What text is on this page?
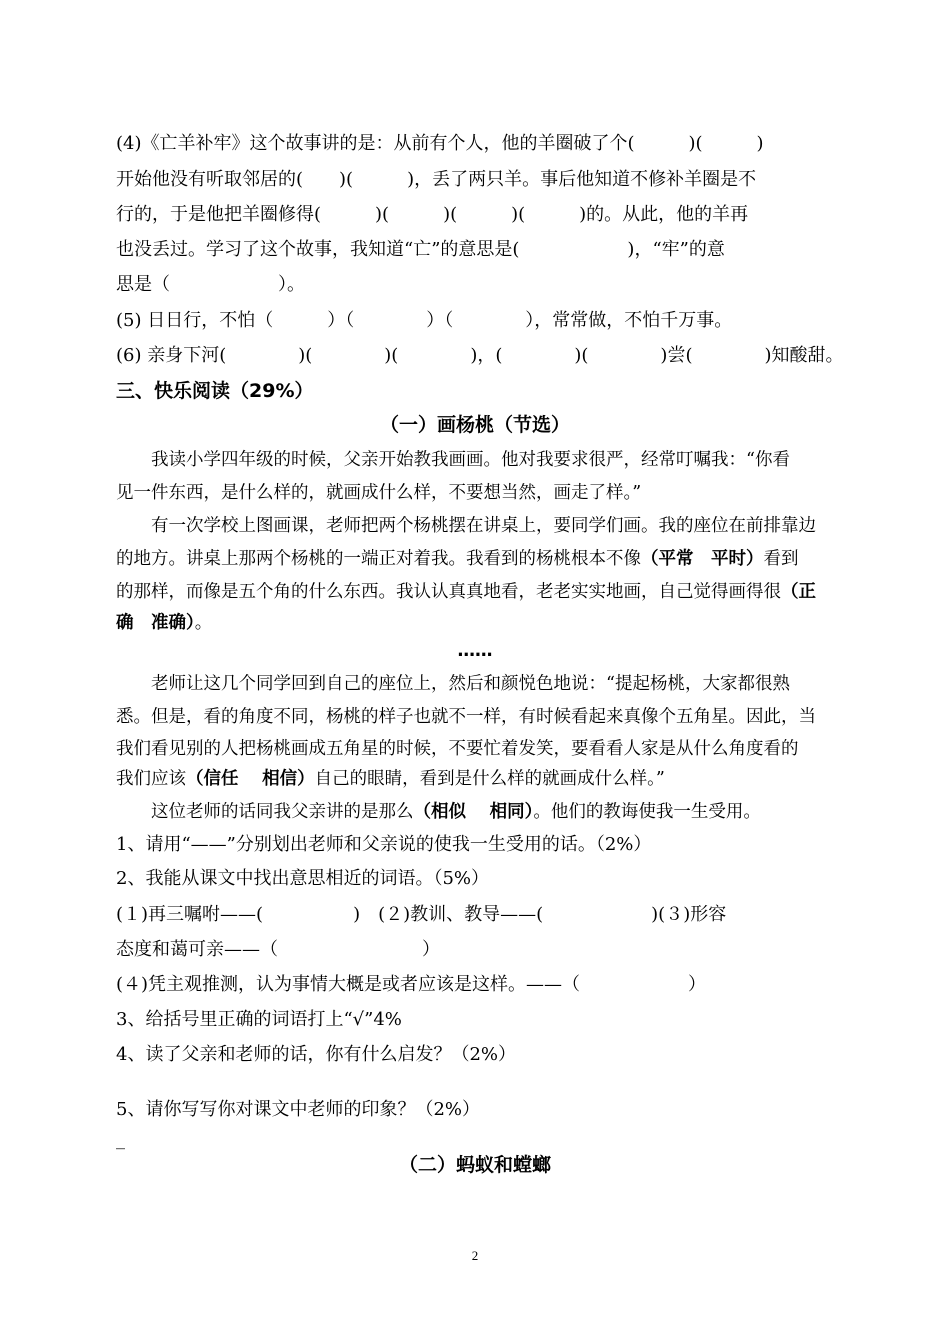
(4)《亡羊补牢》这个故事讲的是：从前有个人，他的羊圈破了个(　　　)(　　　)
开始他没有听取邻居的(　　)(　　　)，丢了两只羊。事后他知道不修补羊圈是不
行的，于是他把羊圈修得(　　　)(　　　)(　　　)(　　　)的。从此，他的羊再
也没丢过。学习了这个故事，我知道“亡”的意思是(　　　　　　)，“牢”的意
思是（　　　　　　）。
(5) 日日行，不怕（　　　）（　　　　）（　　　　），常常做，不怕千万事。
(6) 亲身下河(　　　　)(　　　　)(　　　　)，(　　　　)(　　　　)尝(　　　　)知酸甜。
三、快乐阅读（29%）
（一）画杨桃（节选）
　　我读小学四年级的时候，父亲开始教我画画。他对我要求很严，经常叮嘱我：“你看
见一件东西，是什么样的，就画成什么样，不要想当然，画走了样。”
　　有一次学校上图画课，老师把两个杨桃摆在讲桌上，要同学们画。我的座位在前排靠边
的地方。讲桌上那两个杨桃的一端正对着我。我看到的杨桃根本不像（平常　平时）看到
的那样，而像是五个角的什么东西。我认认真真地看，老老实实地画，自己觉得画得很（正
确　准确）。
……
　　老师让这几个同学回到自己的座位上，然后和颜悦色地说：“提起杨桃，大家都很熟
悉。但是，看的角度不同，杨桃的样子也就不一样，有时候看起来真像个五角星。因此，当
我们看见别的人把杨桃画成五角星的时候，不要忙着发笑，要看看人家是从什么角度看的
我们应该（信任　 相信）自己的眼睛，看到是什么样的就画成什么样。”
　　这位老师的话同我父亲讲的是那么（相似　 相同）。他们的教诲使我一生受用。
1、请用“——”分别划出老师和父亲说的使我一生受用的话。（2%）
2、我能从课文中找出意思相近的词语。（5%）
(１)再三嘱咐——(　　　　　)　(２)教训、教导——(　　　　　　)(３)形容
态度和蔼可亲——（　　　　　　　　）
(４)凭主观推测，认为事情大概是或者应该是这样。——（　　　　　　）
3、给括号里正确的词语打上“√”4%
4、读了父亲和老师的话，你有什么启发？（2%）
5、请你写写你对课文中老师的印象？（2%）
_
（二）蚂蚁和螳螂
2
